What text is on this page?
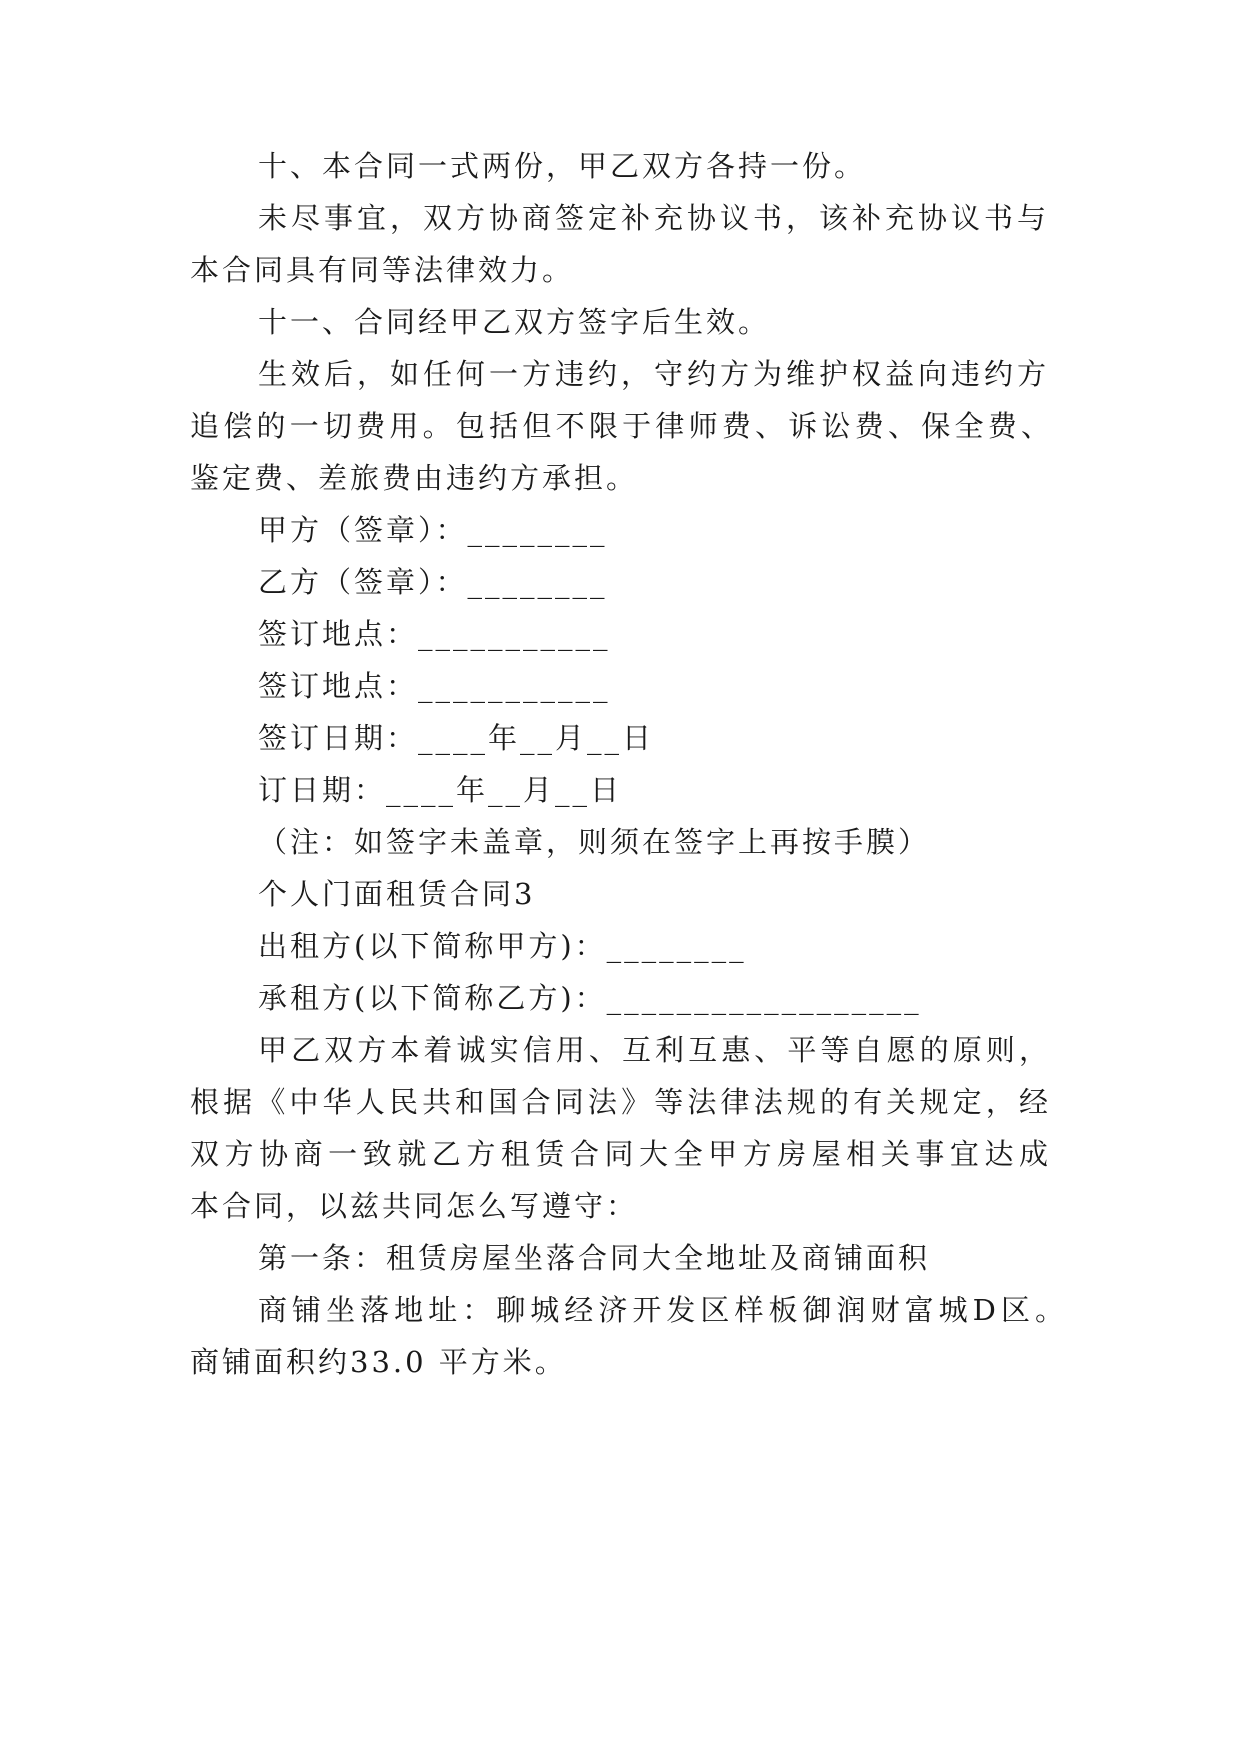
十、本合同一式两份，甲乙双方各持一份。
未尽事宜，双方协商签定补充协议书，该补充协议书与
本合同具有同等法律效力。
十一、合同经甲乙双方签字后生效。
生效后，如任何一方违约，守约方为维护权益向违约方
追偿的一切费用。包括但不限于律师费、诉讼费、保全费、
鉴定费、差旅费由违约方承担。
甲方（签章）：________
乙方（签章）：________
签订地点：___________
签订地点：___________
签订日期：____年__月__日
订日期：____年__月__日
（注：如签字未盖章，则须在签字上再按手膜）
个人门面租赁合同3
出租方(以下简称甲方)：________
承租方(以下简称乙方)：__________________
甲乙双方本着诚实信用、互利互惠、平等自愿的原则，
根据《中华人民共和国合同法》等法律法规的有关规定，经
双方协商一致就乙方租赁合同大全甲方房屋相关事宜达成
本合同，以兹共同怎么写遵守：
第一条：租赁房屋坐落合同大全地址及商铺面积
商铺坐落地址：聊城经济开发区样板御润财富城D区。
商铺面积约33.0 平方米。
